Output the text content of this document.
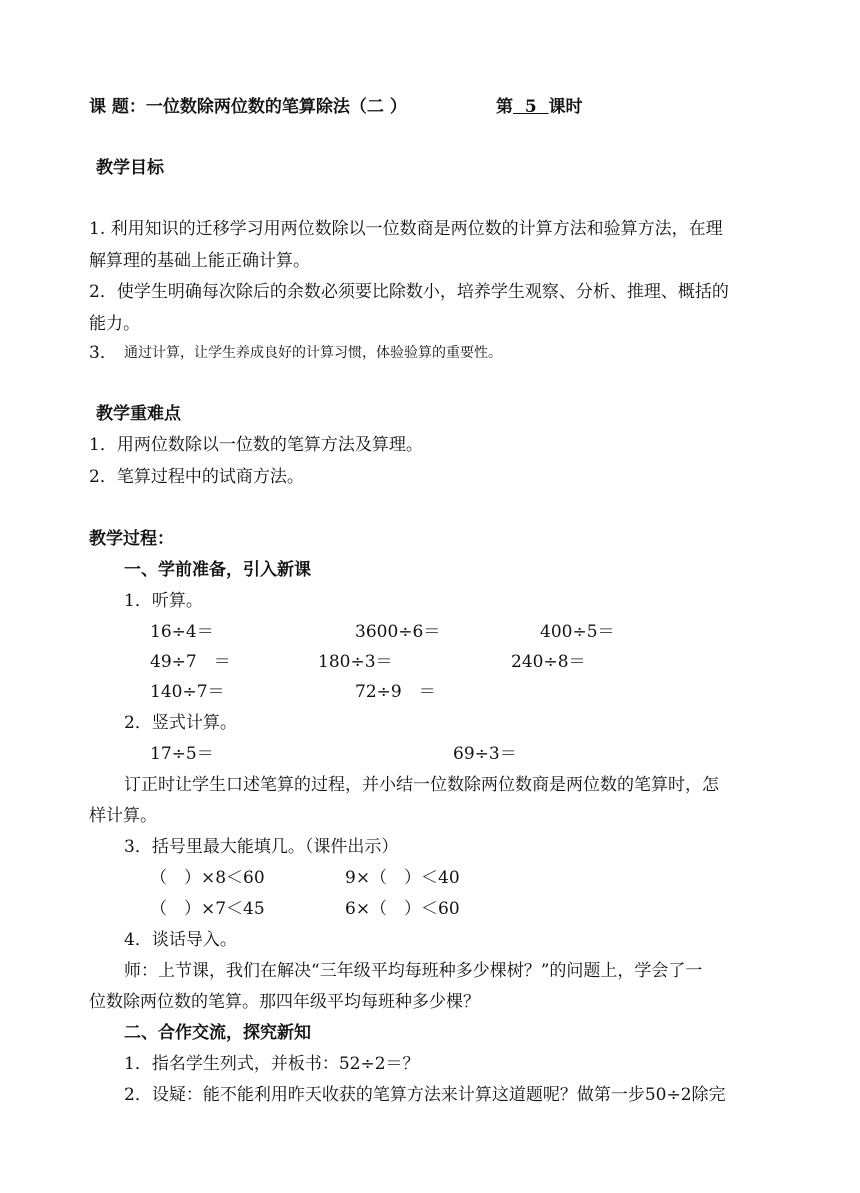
课 题：一位数除两位数的笔算除法（二 ）	第  5  课时
教学目标
1. 利用知识的迁移学习用两位数除以一位数商是两位数的计算方法和验算方法，在理
解算理的基础上能正确计算。
2．使学生明确每次除后的余数必须要比除数小，培养学生观察、分析、推理、概括的
能力。
3． 通过计算，让学生养成良好的计算习惯，体验验算的重要性。
教学重难点
1．用两位数除以一位数的笔算方法及算理。
2．笔算过程中的试商方法。
教学过程：
一、学前准备，引入新课
1．听算。
16÷4＝	3600÷6＝	400÷5＝
49÷7　＝	180÷3＝	240÷8＝
140÷7＝	72÷9　＝
2．竖式计算。
17÷5＝	69÷3＝
订正时让学生口述笔算的过程，并小结一位数除两位数商是两位数的笔算时，怎
样计算。
3．括号里最大能填几。（课件出示）
（　）×8＜60	9×（　）＜40
（　）×7＜45	6×（　）＜60
4．谈话导入。
师：上节课，我们在解决“三年级平均每班种多少棵树？”的问题上，学会了一
位数除两位数的笔算。那四年级平均每班种多少棵？
二、合作交流，探究新知
1．指名学生列式，并板书：52÷2＝？
2．设疑：能不能利用昨天收获的笔算方法来计算这道题呢？做第一步50÷2除完
